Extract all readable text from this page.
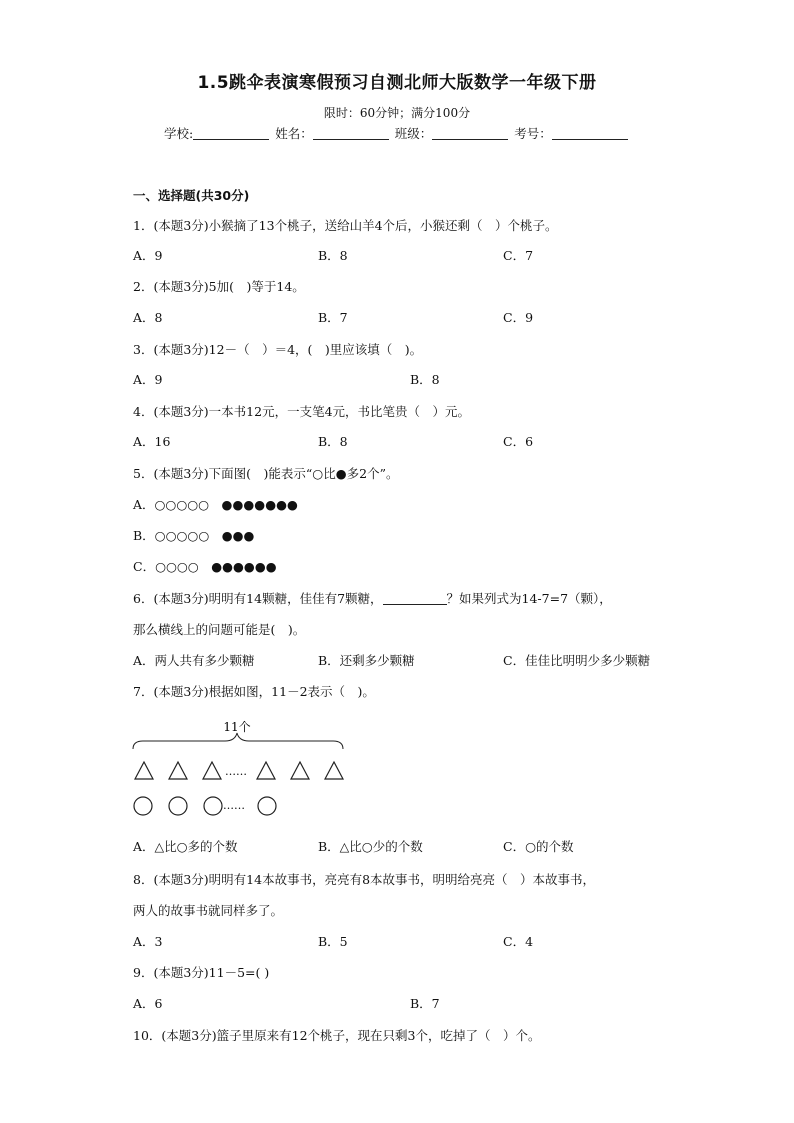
1.5跳伞表演寒假预习自测北师大版数学一年级下册
限时：60分钟；满分100分
学校:	姓名：	班级：	考号：
一、选择题(共30分)
1．(本题3分)小猴摘了13个桃子，送给山羊4个后，小猴还剩（　）个桃子。
A．9	B．8	C．7
2．(本题3分)5加(　)等于14。
A．8	B．7	C．9
3．(本题3分)12－（　）＝4，(　)里应该填（　)。
A．9	B．8
4．(本题3分)一本书12元，一支笔4元，书比笔贵（　）元。
A．16	B．8	C．6
5．(本题3分)下面图(　)能表示“○比●多2个”。
A．○○○○○　●●●●●●●
B．○○○○○　●●●
C．○○○○　●●●●●●
6．(本题3分)明明有14颗糖，佳佳有7颗糖，	？如果列式为14-7=7（颗），
那么横线上的问题可能是(　)。
A．两人共有多少颗糖	B．还剩多少颗糖	C．佳佳比明明少多少颗糖
7．(本题3分)根据如图，11－2表示（　)。
11个
……
……
A．△比○多的个数	B．△比○少的个数	C．○的个数
8．(本题3分)明明有14本故事书，亮亮有8本故事书，明明给亮亮（　）本故事书，
两人的故事书就同样多了。
A．3	B．5	C．4
9．(本题3分)11－5=( )
A．6	B．7
10．(本题3分)篮子里原来有12个桃子，现在只剩3个，吃掉了（　）个。
